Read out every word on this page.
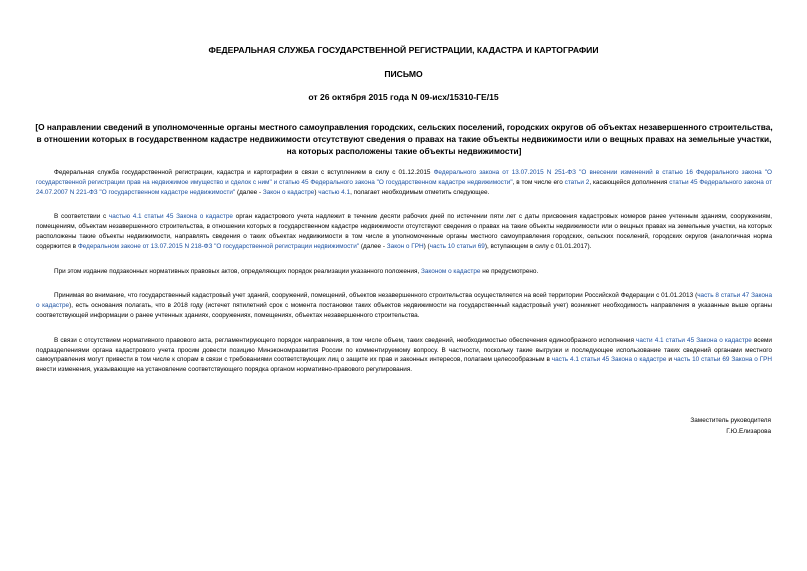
ФЕДЕРАЛЬНАЯ СЛУЖБА ГОСУДАРСТВЕННОЙ РЕГИСТРАЦИИ, КАДАСТРА И КАРТОГРАФИИ
ПИСЬМО
от 26 октября 2015 года N 09-исх/15310-ГЕ/15
[О направлении сведений в уполномоченные органы местного самоуправления городских, сельских поселений, городских округов об объектах незавершенного строительства, в отношении которых в государственном кадастре недвижимости отсутствуют сведения о правах на такие объекты недвижимости или о вещных правах на земельные участки, на которых расположены такие объекты недвижимости]

Федеральная служба государственной регистрации, кадастра и картографии в связи с вступлением в силу с 01.12.2015 Федерального закона от 13.07.2015 N 251-ФЗ "О внесении изменений в статью 16 Федерального закона "О государственной регистрации прав на недвижимое имущество и сделок с ним" и статью 45 Федерального закона "О государственном кадастре недвижимости", в том числе его статьи 2, касающейся дополнения статьи 45 Федерального закона от 24.07.2007 N 221-ФЗ "О государственном кадастре недвижимости" (далее - Закон о кадастре) частью 4.1, полагает необходимым отметить следующее.

В соответствии с частью 4.1 статьи 45 Закона о кадастре орган кадастрового учета надлежит в течение десяти рабочих дней по истечении пяти лет с даты присвоения кадастровых номеров ранее учтенным зданиям, сооружениям, помещениям, объектам незавершенного строительства, в отношении которых в государственном кадастре недвижимости отсутствуют сведения о правах на такие объекты недвижимости или о вещных правах на земельные участки, на которых расположены такие объекты недвижимости, направлять сведения о таких объектах недвижимости в том числе в уполномоченные органы местного самоуправления городских, сельских поселений, городских округов (аналогичная норма содержится в Федеральном законе от 13.07.2015 N 218-ФЗ "О государственной регистрации недвижимости" (далее - Закон о ГРН) (часть 10 статьи 69), вступающем в силу с 01.01.2017).

При этом издание подзаконных нормативных правовых актов, определяющих порядок реализации указанного положения, Законом о кадастре не предусмотрено.

Принимая во внимание, что государственный кадастровый учет зданий, сооружений, помещений, объектов незавершенного строительства осуществляется на всей территории Российской Федерации с 01.01.2013 (часть 8 статьи 47 Закона о кадастре), есть основания полагать, что в 2018 году (истечет пятилетний срок с момента постановки таких объектов недвижимости на государственный кадастровый учет) возникнет необходимость направления в указанные выше органы соответствующей информации о ранее учтенных зданиях, сооружениях, помещениях, объектах незавершенного строительства.

В связи с отсутствием нормативного правового акта, регламентирующего порядок направления, в том числе объем, таких сведений, необходимостью обеспечения единообразного исполнения части 4.1 статьи 45 Закона о кадастре всеми подразделениями органа кадастрового учета просим довести позицию Минэкономразвития России по комментируемому вопросу. В частности, поскольку такие выгрузки и последующее использование таких сведений органами местного самоуправления могут привести в том числе к спорам в связи с требованиями соответствующих лиц о защите их прав и законных интересов, полагаем целесообразным в часть 4.1 статьи 45 Закона о кадастре и часть 10 статьи 69 Закона о ГРН внести изменения, указывающие на установление соответствующего порядка органом нормативно-правового регулирования.

Заместитель руководителя
Г.Ю.Елизарова
